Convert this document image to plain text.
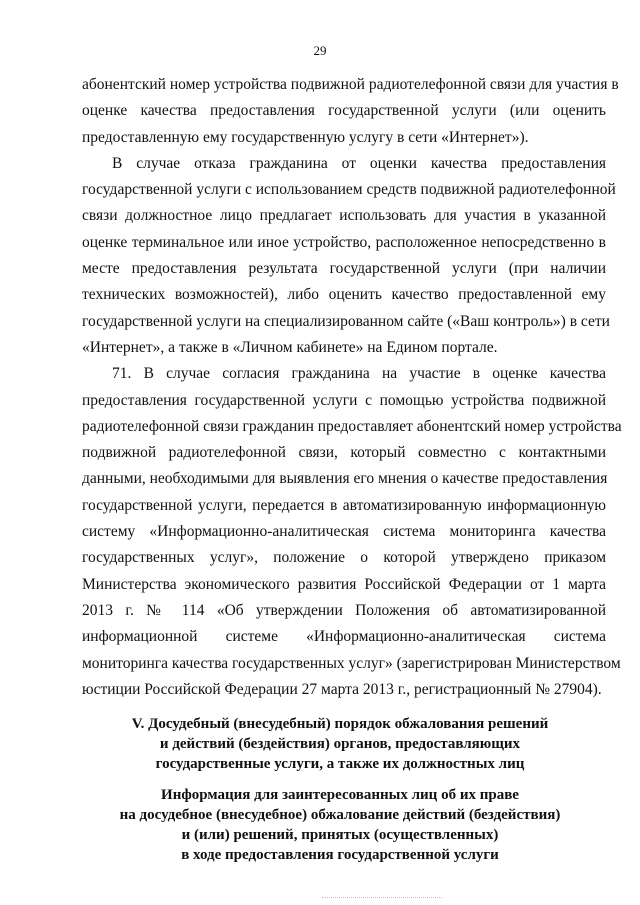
29
абонентский номер устройства подвижной радиотелефонной связи для участия в
оценке качества предоставления государственной услуги (или оценить
предоставленную ему государственную услугу в сети «Интернет»).
В случае отказа гражданина от оценки качества предоставления
государственной услуги с использованием средств подвижной радиотелефонной
связи должностное лицо предлагает использовать для участия в указанной
оценке терминальное или иное устройство, расположенное непосредственно в
месте предоставления результата государственной услуги (при наличии
технических возможностей), либо оценить качество предоставленной ему
государственной услуги на специализированном сайте («Ваш контроль») в сети
«Интернет», а также в «Личном кабинете» на Едином портале.
71. В случае согласия гражданина на участие в оценке качества
предоставления государственной услуги с помощью устройства подвижной
радиотелефонной связи гражданин предоставляет абонентский номер устройства
подвижной радиотелефонной связи, который совместно с контактными
данными, необходимыми для выявления его мнения о качестве предоставления
государственной услуги, передается в автоматизированную информационную
систему «Информационно-аналитическая система мониторинга качества
государственных услуг», положение о которой утверждено приказом
Министерства экономического развития Российской Федерации от 1 марта
2013 г. № 114 «Об утверждении Положения об автоматизированной
информационной системе «Информационно-аналитическая система
мониторинга качества государственных услуг» (зарегистрирован Министерством
юстиции Российской Федерации 27 марта 2013 г., регистрационный № 27904).
V. Досудебный (внесудебный) порядок обжалования решений
и действий (бездействия) органов, предоставляющих
государственные услуги, а также их должностных лиц
Информация для заинтересованных лиц об их праве
на досудебное (внесудебное) обжалование действий (бездействия)
и (или) решений, принятых (осуществленных)
в ходе предоставления государственной услуги
